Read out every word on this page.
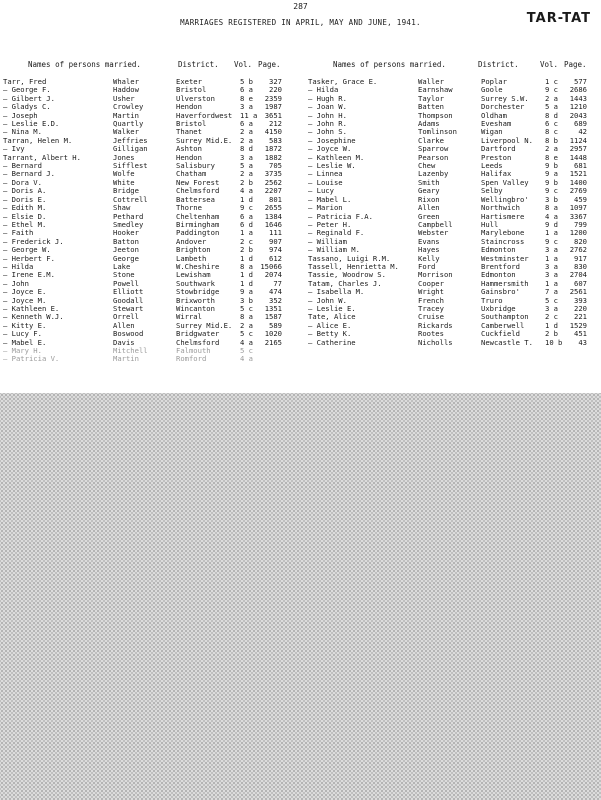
287
MARRIAGES REGISTERED IN APRIL, MAY AND JUNE, 1941.	TAR-TAT
Names of persons married.	District. Vol. Page.	Names of persons married.	District.	Vol. Page.
Tarr, Fred	Whaler	Exeter	5 b	327
— George F.	Haddow	Bristol	6 a	220
— Gilbert J.	Usher	Ulverston	8 e	2359
— Gladys C.	Crowley	Hendon	3 a	1987
— Joseph	Martin	Haverfordwest	11 a	3651
— Leslie E.D.	Quartly	Bristol	6 a	212
— Nina M.	Walker	Thanet	2 a	4150
Tarran, Helen M.	Jeffries	Surrey Mid.E.	2 a	583
— Ivy	Gilligan	Ashton	8 d	1872
Tarrant, Albert H.	Jones	Hendon	3 a	1882
— Bernard	Sifflest	Salisbury	5 a	705
— Bernard J.	Wolfe	Chatham	2 a	3735
— Dora V.	White	New Forest	2 b	2562
— Doris A.	Bridge	Chelmsford	4 a	2207
— Doris E.	Cottrell	Battersea	1 d	801
— Edith M.	Shaw	Thorne	9 c	2655
— Elsie D.	Pethard	Cheltenham	6 a	1384
— Ethel M.	Smedley	Birmingham	6 d	1646
— Faith	Hooker	Paddington	1 a	111
— Frederick J.	Batton	Andover	2 c	907
— George W.	Jeeton	Brighton	2 b	974
— Herbert F.	George	Lambeth	1 d	612
— Hilda	Lake	W.Cheshire	8 a	15066
— Irene E.M.	Stone	Lewisham	1 d	2074
— John	Powell	Southwark	1 d	77
— Joyce E.	Elliott	Stowbridge	9 a	474
— Joyce M.	Goodall	Brixworth	3 b	352
— Kathleen E.	Stewart	Wincanton	5 c	1351
— Kenneth W.J.	Orrell	Wirral	8 a	1587
— Kitty E.	Allen	Surrey Mid.E.	2 a	589
— Lucy F.	Boswood	Bridgwater	5 c	1020
— Mabel E.	Davis	Chelmsford	4 a	2165
— Mary H.	Mitchell	Falmouth	5 c	
— Patricia V.	Martin	Romford	4 a	
Tasker, Grace E.	Waller	Poplar	1 c	577
— Hilda	Earnshaw	Goole	9 c	2686
— Hugh R.	Taylor	Surrey S.W.	2 a	1443
— Joan W.	Batten	Dorchester	5 a	1210
— John H.	Thompson	Oldham	8 d	2043
— John R.	Adams	Evesham	6 c	689
— John S.	Tomlinson	Wigan	8 c	42
— Josephine	Clarke	Liverpool N.	8 b	1124
— Joyce W.	Sparrow	Dartford	2 a	2957
— Kathleen M.	Pearson	Preston	8 e	1448
— Leslie W.	Chew	Leeds	9 b	681
— Linnea	Lazenby	Halifax	9 a	1521
— Louise	Smith	Spen Valley	9 b	1400
— Lucy	Geary	Selby	9 c	2769
— Mabel L.	Rixon	Wellingbro'	3 b	459
— Marion	Allen	Northwich	8 a	1097
— Patricia F.A.	Green	Hartismere	4 a	3367
— Peter H.	Campbell	Hull	9 d	799
— Reginald F.	Webster	Marylebone	1 a	1200
— William	Evans	Staincross	9 c	820
— William M.	Hayes	Edmonton	3 a	2762
Tassano, Luigi R.M.	Kelly	Westminster	1 a	917
Tassell, Henrietta M.	Ford	Brentford	3 a	830
Tassie, Woodrow S.	Morrison	Edmonton	3 a	2704
Tatam, Charles J.	Cooper	Hammersmith	1 a	607
— Isabella M.	Wright	Gainsbro'	7 a	2561
— John W.	French	Truro	5 c	393
— Leslie E.	Tracey	Uxbridge	3 a	220
Tate, Alice	Cruise	Southampton	2 c	221
— Alice E.	Rickards	Camberwell	1 d	1529
— Betty K.	Rootes	Cuckfield	2 b	451
— Catherine	Nicholls	Newcastle T.	10 b	43
